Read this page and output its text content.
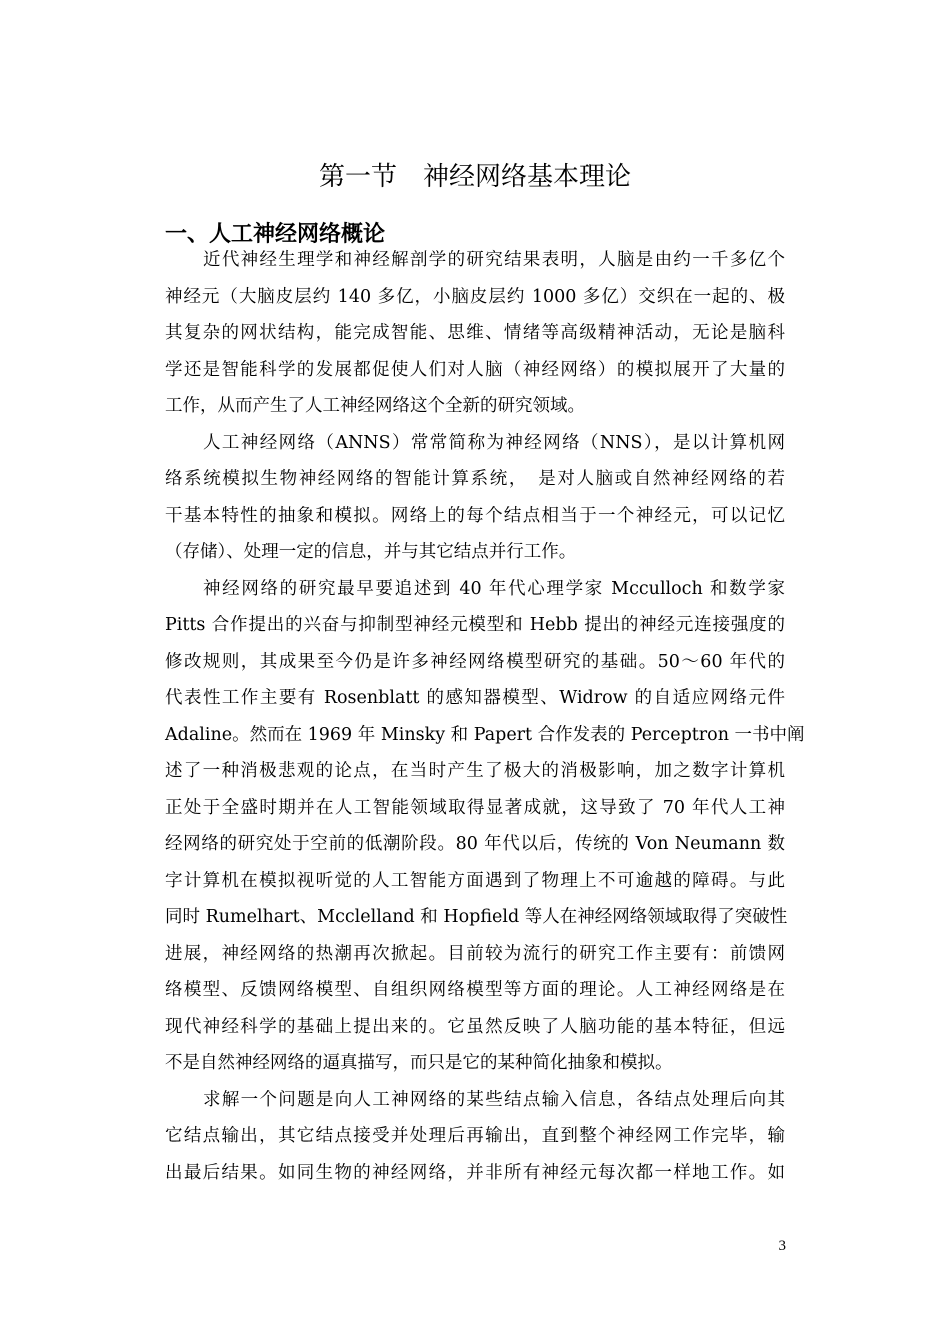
第一节　神经网络基本理论
一、人工神经网络概论
近代神经生理学和神经解剖学的研究结果表明，人脑是由约一千多亿个
神经元（大脑皮层约 140 多亿，小脑皮层约 1000 多亿）交织在一起的、极
其复杂的网状结构，能完成智能、思维、情绪等高级精神活动，无论是脑科
学还是智能科学的发展都促使人们对人脑（神经网络）的模拟展开了大量的
工作，从而产生了人工神经网络这个全新的研究领域。
人工神经网络（ANNS）常常简称为神经网络（NNS），是以计算机网
络系统模拟生物神经网络的智能计算系统，　是对人脑或自然神经网络的若
干基本特性的抽象和模拟。网络上的每个结点相当于一个神经元，可以记忆
（存储）、处理一定的信息，并与其它结点并行工作。
神经网络的研究最早要追述到 40 年代心理学家 Mcculloch 和数学家
Pitts 合作提出的兴奋与抑制型神经元模型和 Hebb 提出的神经元连接强度的
修改规则，其成果至今仍是许多神经网络模型研究的基础。50～60 年代的
代表性工作主要有 Rosenblatt 的感知器模型、Widrow 的自适应网络元件
Adaline。然而在 1969 年 Minsky 和 Papert 合作发表的 Perceptron 一书中阐
述了一种消极悲观的论点，在当时产生了极大的消极影响，加之数字计算机
正处于全盛时期并在人工智能领域取得显著成就，这导致了 70 年代人工神
经网络的研究处于空前的低潮阶段。80 年代以后，传统的 Von Neumann 数
字计算机在模拟视听觉的人工智能方面遇到了物理上不可逾越的障碍。与此
同时 Rumelhart、Mcclelland 和 Hopfield 等人在神经网络领域取得了突破性
进展，神经网络的热潮再次掀起。目前较为流行的研究工作主要有：前馈网
络模型、反馈网络模型、自组织网络模型等方面的理论。人工神经网络是在
现代神经科学的基础上提出来的。它虽然反映了人脑功能的基本特征，但远
不是自然神经网络的逼真描写，而只是它的某种简化抽象和模拟。
求解一个问题是向人工神网络的某些结点输入信息，各结点处理后向其
它结点输出，其它结点接受并处理后再输出，直到整个神经网工作完毕，输
出最后结果。如同生物的神经网络，并非所有神经元每次都一样地工作。如
3
